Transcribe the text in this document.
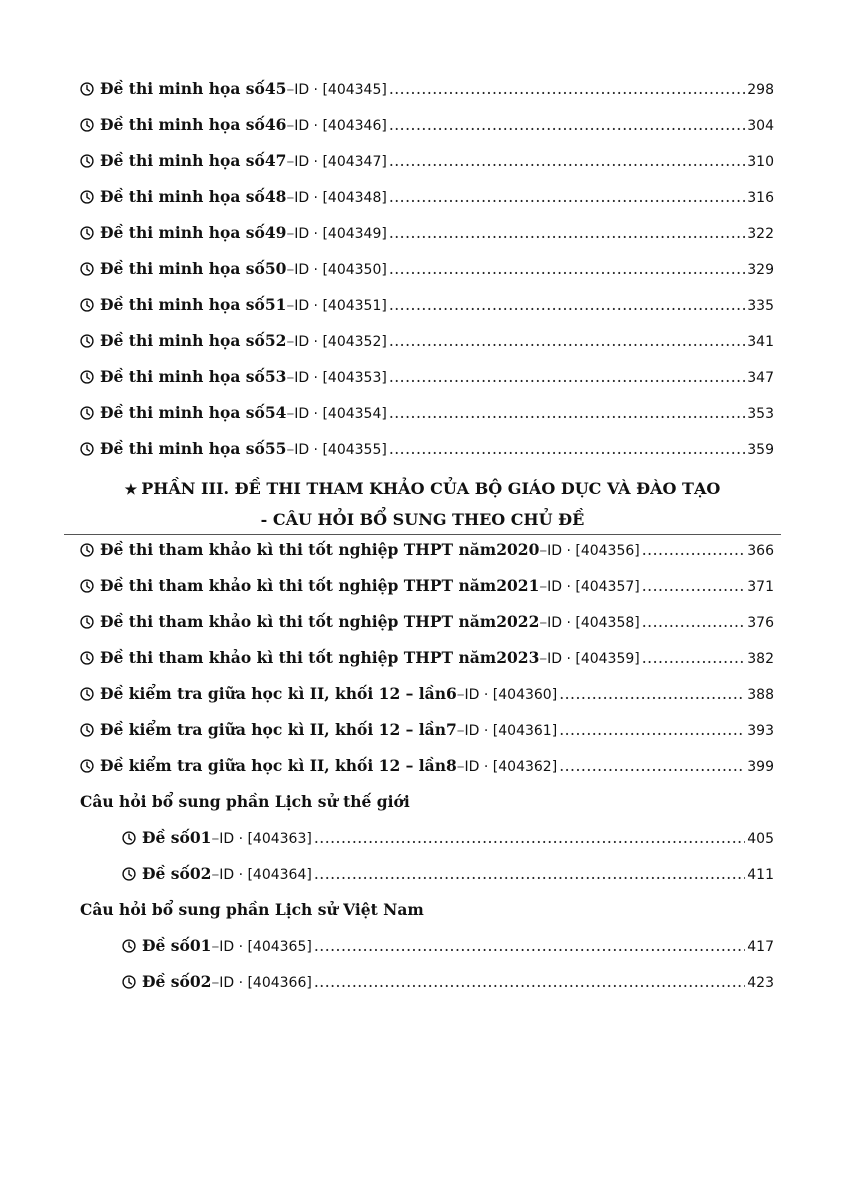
Đề thi minh họa số 45 – ID · [404345] .....	298
Đề thi minh họa số 46 – ID · [404346] .....	304
Đề thi minh họa số 47 – ID · [404347] .....	310
Đề thi minh họa số 48 – ID · [404348] .....	316
Đề thi minh họa số 49 – ID · [404349] .....	322
Đề thi minh họa số 50 – ID · [404350] .....	329
Đề thi minh họa số 51 – ID · [404351] .....	335
Đề thi minh họa số 52 – ID · [404352] .....	341
Đề thi minh họa số 53 – ID · [404353] .....	347
Đề thi minh họa số 54 – ID · [404354] .....	353
Đề thi minh họa số 55 – ID · [404355] .....	359
★ PHẦN III. ĐỀ THI THAM KHẢO CỦA BỘ GIÁO DỤC VÀ ĐÀO TẠO
- CÂU HỎI BỔ SUNG THEO CHỦ ĐỀ
Đề thi tham khảo kì thi tốt nghiệp THPT năm 2020 – ID · [404356] .....	366
Đề thi tham khảo kì thi tốt nghiệp THPT năm 2021 – ID · [404357] .....	371
Đề thi tham khảo kì thi tốt nghiệp THPT năm 2022 – ID · [404358] .....	376
Đề thi tham khảo kì thi tốt nghiệp THPT năm 2023 – ID · [404359] .....	382
Đề kiểm tra giữa học kì II, khối 12 – lần 6 – ID · [404360] .....	388
Đề kiểm tra giữa học kì II, khối 12 – lần 7 – ID · [404361] .....	393
Đề kiểm tra giữa học kì II, khối 12 – lần 8 – ID · [404362] .....	399
Câu hỏi bổ sung phần Lịch sử thế giới
Đề số 01 – ID · [404363] .....	405
Đề số 02 – ID · [404364] .....	411
Câu hỏi bổ sung phần Lịch sử Việt Nam
Đề số 01 – ID · [404365] .....	417
Đề số 02 – ID · [404366] .....	423
